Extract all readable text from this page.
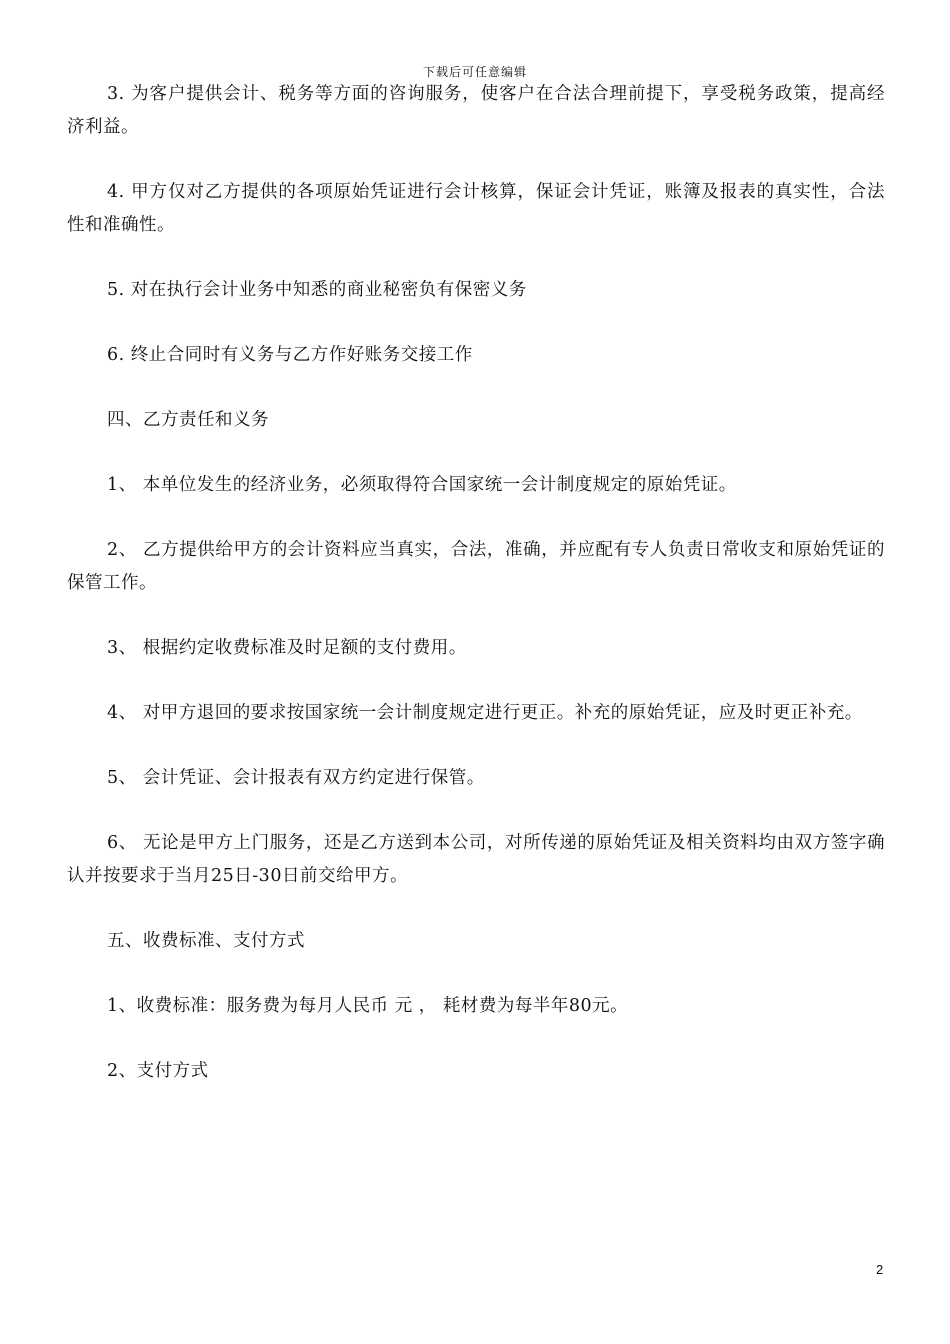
下载后可任意编辑

3. 为客户提供会计、税务等方面的咨询服务，使客户在合法合理前提下，享受税务政策，提高经济利益。

4. 甲方仅对乙方提供的各项原始凭证进行会计核算，保证会计凭证，账簿及报表的真实性，合法性和准确性。

5. 对在执行会计业务中知悉的商业秘密负有保密义务

6. 终止合同时有义务与乙方作好账务交接工作

四、乙方责任和义务

1、 本单位发生的经济业务，必须取得符合国家统一会计制度规定的原始凭证。

2、 乙方提供给甲方的会计资料应当真实，合法，准确，并应配有专人负责日常收支和原始凭证的保管工作。

3、 根据约定收费标准及时足额的支付费用。

4、 对甲方退回的要求按国家统一会计制度规定进行更正。补充的原始凭证，应及时更正补充。

5、 会计凭证、会计报表有双方约定进行保管。

6、 无论是甲方上门服务，还是乙方送到本公司，对所传递的原始凭证及相关资料均由双方签字确认并按要求于当月25日-30日前交给甲方。

五、收费标准、支付方式

1、收费标准：服务费为每月人民币 元 ， 耗材费为每半年80元。

2、支付方式

2
